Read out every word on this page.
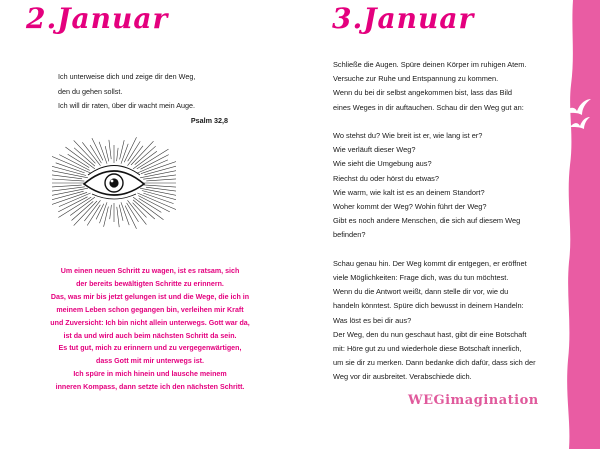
2.Januar
Ich unterweise dich und zeige dir den Weg,
den du gehen sollst.
Ich will dir raten, über dir wacht mein Auge.
Psalm 32,8
Um einen neuen Schritt zu wagen, ist es ratsam, sich
der bereits bewältigten Schritte zu erinnern.
Das, was mir bis jetzt gelungen ist und die Wege, die ich in
meinem Leben schon gegangen bin, verleihen mir Kraft
und Zuversicht: Ich bin nicht allein unterwegs. Gott war da,
ist da und wird auch beim nächsten Schritt da sein.
Es tut gut, mich zu erinnern und zu vergegenwärtigen,
dass Gott mit mir unterwegs ist.
Ich spüre in mich hinein und lausche meinem
inneren Kompass, dann setzte ich den nächsten Schritt.
3.Januar

Schließe die Augen. Spüre deinen Körper im ruhigen Atem.
Versuche zur Ruhe und Entspannung zu kommen.
Wenn du bei dir selbst angekommen bist, lass das Bild
eines Weges in dir auftauchen. Schau dir den Weg gut an:

Wo stehst du? Wie breit ist er, wie lang ist er?
Wie verläuft dieser Weg?
Wie sieht die Umgebung aus?
Riechst du oder hörst du etwas?
Wie warm, wie kalt ist es an deinem Standort?
Woher kommt der Weg? Wohin führt der Weg?
Gibt es noch andere Menschen, die sich auf diesem Weg
befinden?

Schau genau hin. Der Weg kommt dir entgegen, er eröffnet
viele Möglichkeiten: Frage dich, was du tun möchtest.
Wenn du die Antwort weißt, dann stelle dir vor, wie du
handeln könntest. Spüre dich bewusst in deinem Handeln:
Was löst es bei dir aus?
Der Weg, den du nun geschaut hast, gibt dir eine Botschaft
mit: Höre gut zu und wiederhole diese Botschaft innerlich,
um sie dir zu merken. Dann bedanke dich dafür, dass sich der
Weg vor dir ausbreitet. Verabschiede dich.

WEGimagination
